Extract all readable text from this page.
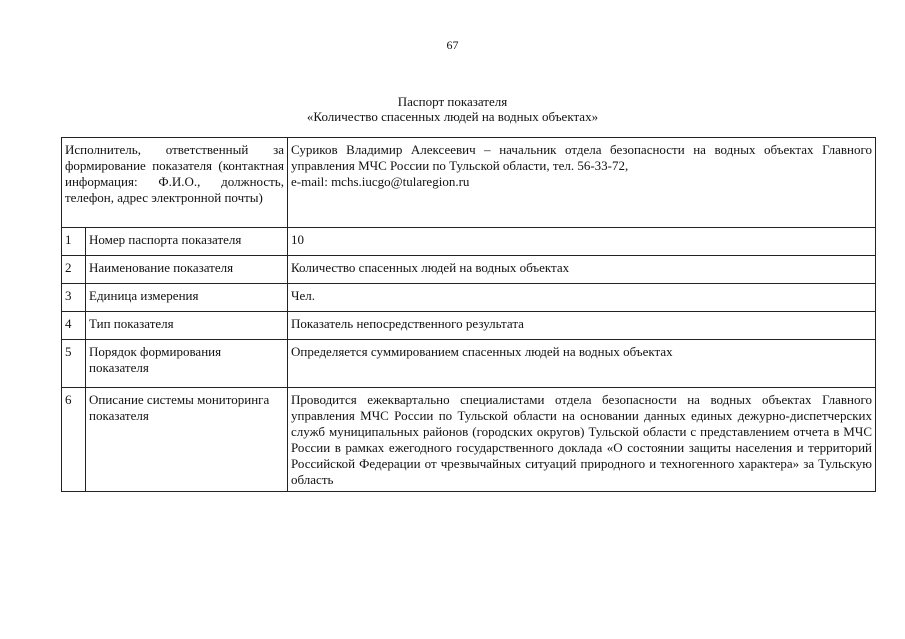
67
Паспорт показателя
«Количество спасенных людей на водных объектах»
Исполнитель, ответственный за формирование показателя (контактная информация: Ф.И.О., должность, телефон, адрес электронной почты)		Суриков Владимир Алексеевич – начальник отдела безопасности на водных объектах Главного управления МЧС России по Тульской области, тел. 56-33-72,
e-mail: mchs.iucgo@tularegion.ru

1	Номер паспорта показателя	10
2	Наименование показателя	Количество спасенных людей на водных объектах
3	Единица измерения	Чел.
4	Тип показателя	Показатель непосредственного результата
5	Порядок формирования показателя	Определяется суммированием спасенных людей на водных объектах
6	Описание системы мониторинга показателя	Проводится ежеквартально специалистами отдела безопасности на водных объектах Главного управления МЧС России по Тульской области на основании данных единых дежурно-диспетчерских служб муниципальных районов (городских округов) Тульской области с представлением отчета в МЧС России в рамках ежегодного государственного доклада «О состоянии защиты населения и территорий Российской Федерации от чрезвычайных ситуаций природного и техногенного характера» за Тульскую область
